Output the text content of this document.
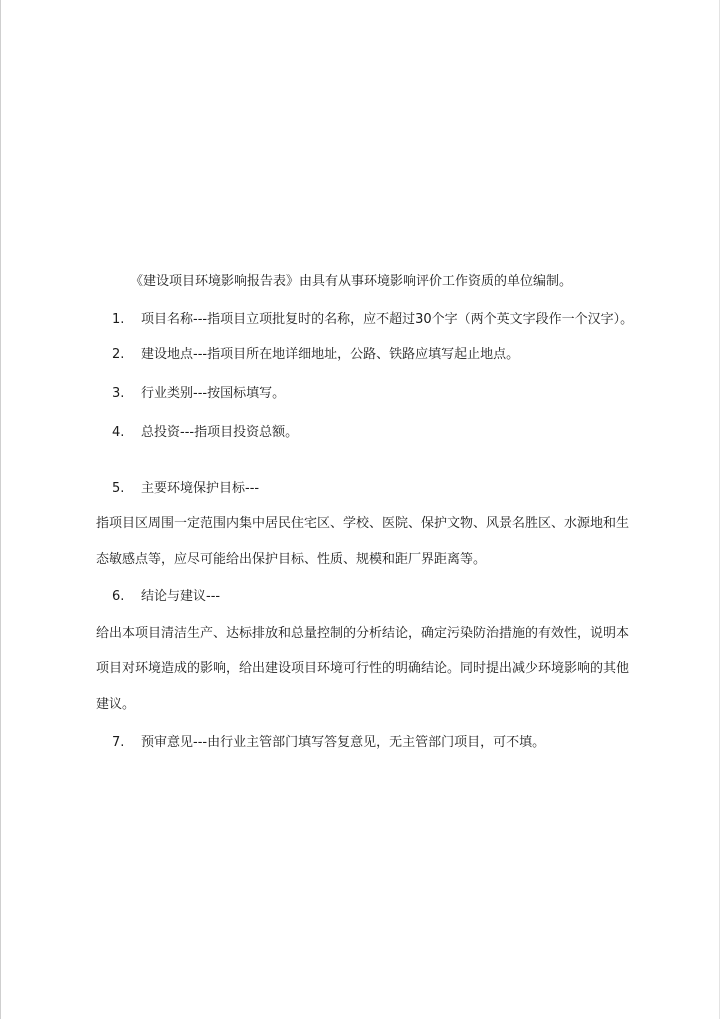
《建设项目环境影响报告表》由具有从事环境影响评价工作资质的单位编制。
1. 项目名称---指项目立项批复时的名称，应不超过30个字（两个英文字段作一个汉字）。
2. 建设地点---指项目所在地详细地址，公路、铁路应填写起止地点。
3. 行业类别---按国标填写。
4. 总投资---指项目投资总额。
5. 主要环境保护目标---
指项目区周围一定范围内集中居民住宅区、学校、医院、保护文物、风景名胜区、水源地和生
态敏感点等，应尽可能给出保护目标、性质、规模和距厂界距离等。
6. 结论与建议---
给出本项目清洁生产、达标排放和总量控制的分析结论，确定污染防治措施的有效性，说明本
项目对环境造成的影响，给出建设项目环境可行性的明确结论。同时提出减少环境影响的其他
建议。
7. 预审意见---由行业主管部门填写答复意见，无主管部门项目，可不填。
